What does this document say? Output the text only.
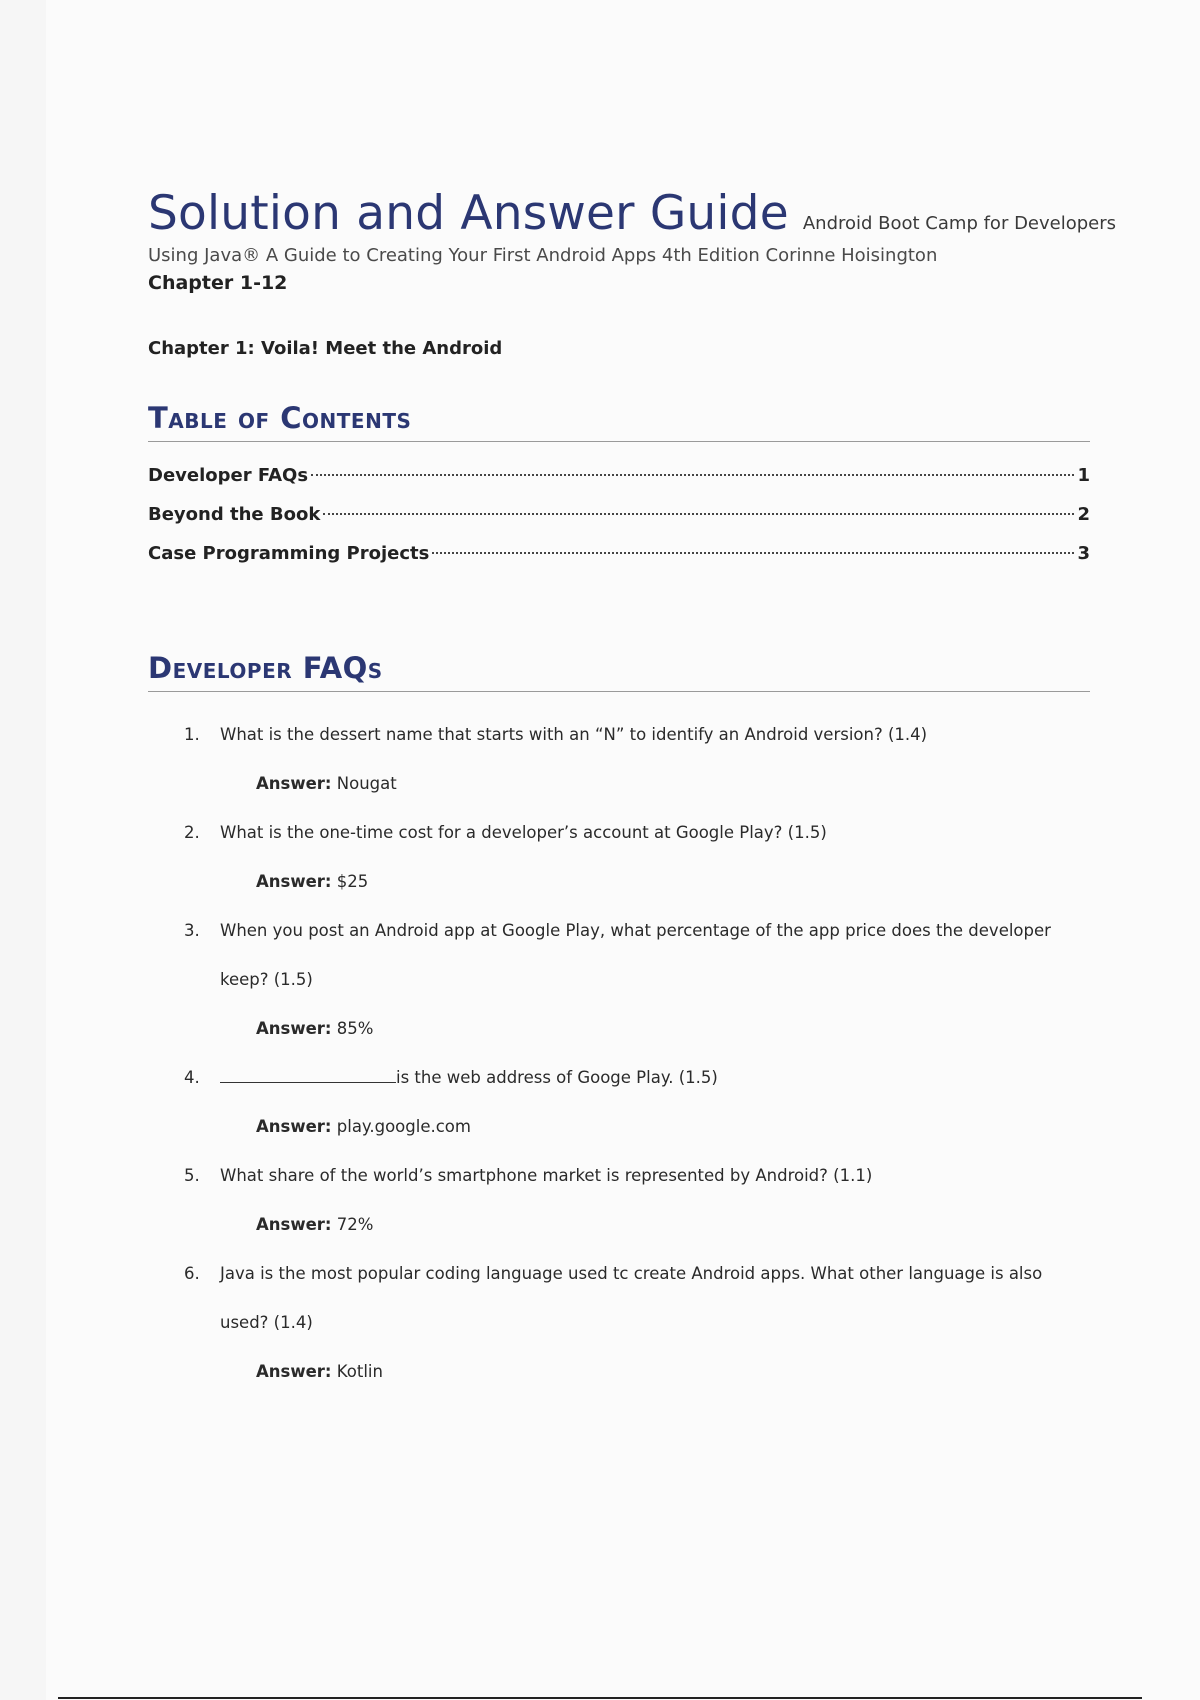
Solution and Answer Guide Android Boot Camp for Developers
Using Java® A Guide to Creating Your First Android Apps 4th Edition Corinne Hoisington
Chapter 1-12
Chapter 1: Voila! Meet the Android
Table of Contents
Developer FAQs	1
Beyond the Book	2
Case Programming Projects	3
Developer FAQs
1.	What is the dessert name that starts with an “N” to identify an Android version? (1.4)
Answer: Nougat
2.	What is the one-time cost for a developer’s account at Google Play? (1.5)
Answer: $25
3.	When you post an Android app at Google Play, what percentage of the app price does the developer keep? (1.5)
Answer: 85%
4.	is the web address of Googe Play. (1.5)
Answer: play.google.com
5.	What share of the world’s smartphone market is represented by Android? (1.1)
Answer: 72%
6.	Java is the most popular coding language used tc create Android apps. What other language is also used? (1.4)
Answer: Kotlin
